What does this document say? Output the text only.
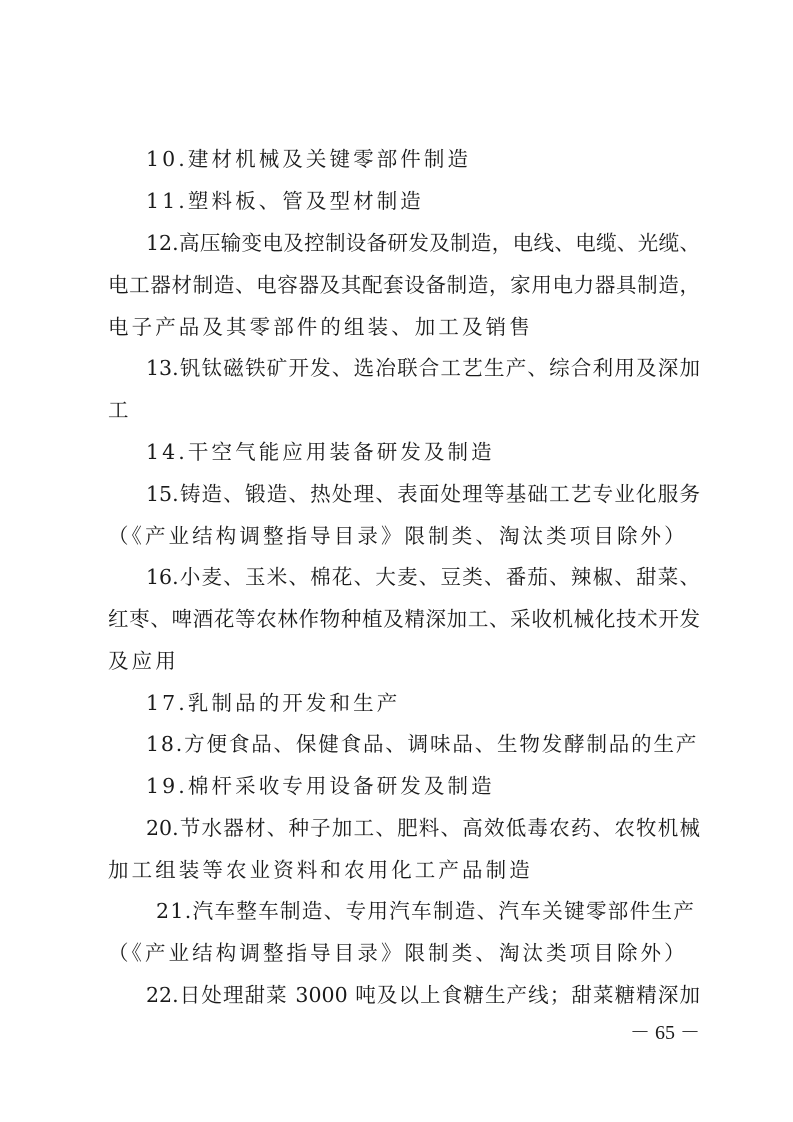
10.建材机械及关键零部件制造
11.塑料板、管及型材制造
12.高压输变电及控制设备研发及制造，电线、电缆、光缆、
电工器材制造、电容器及其配套设备制造，家用电力器具制造，
电子产品及其零部件的组装、加工及销售
13.钒钛磁铁矿开发、选冶联合工艺生产、综合利用及深加
工
14.干空气能应用装备研发及制造
15.铸造、锻造、热处理、表面处理等基础工艺专业化服务
（《产业结构调整指导目录》限制类、淘汰类项目除外）
16.小麦、玉米、棉花、大麦、豆类、番茄、辣椒、甜菜、
红枣、啤酒花等农林作物种植及精深加工、采收机械化技术开发
及应用
17.乳制品的开发和生产
18.方便食品、保健食品、调味品、生物发酵制品的生产
19.棉杆采收专用设备研发及制造
20.节水器材、种子加工、肥料、高效低毒农药、农牧机械
加工组装等农业资料和农用化工产品制造
21.汽车整车制造、专用汽车制造、汽车关键零部件生产
（《产业结构调整指导目录》限制类、淘汰类项目除外）
22.日处理甜菜 3000 吨及以上食糖生产线；甜菜糖精深加
－ 65 －
